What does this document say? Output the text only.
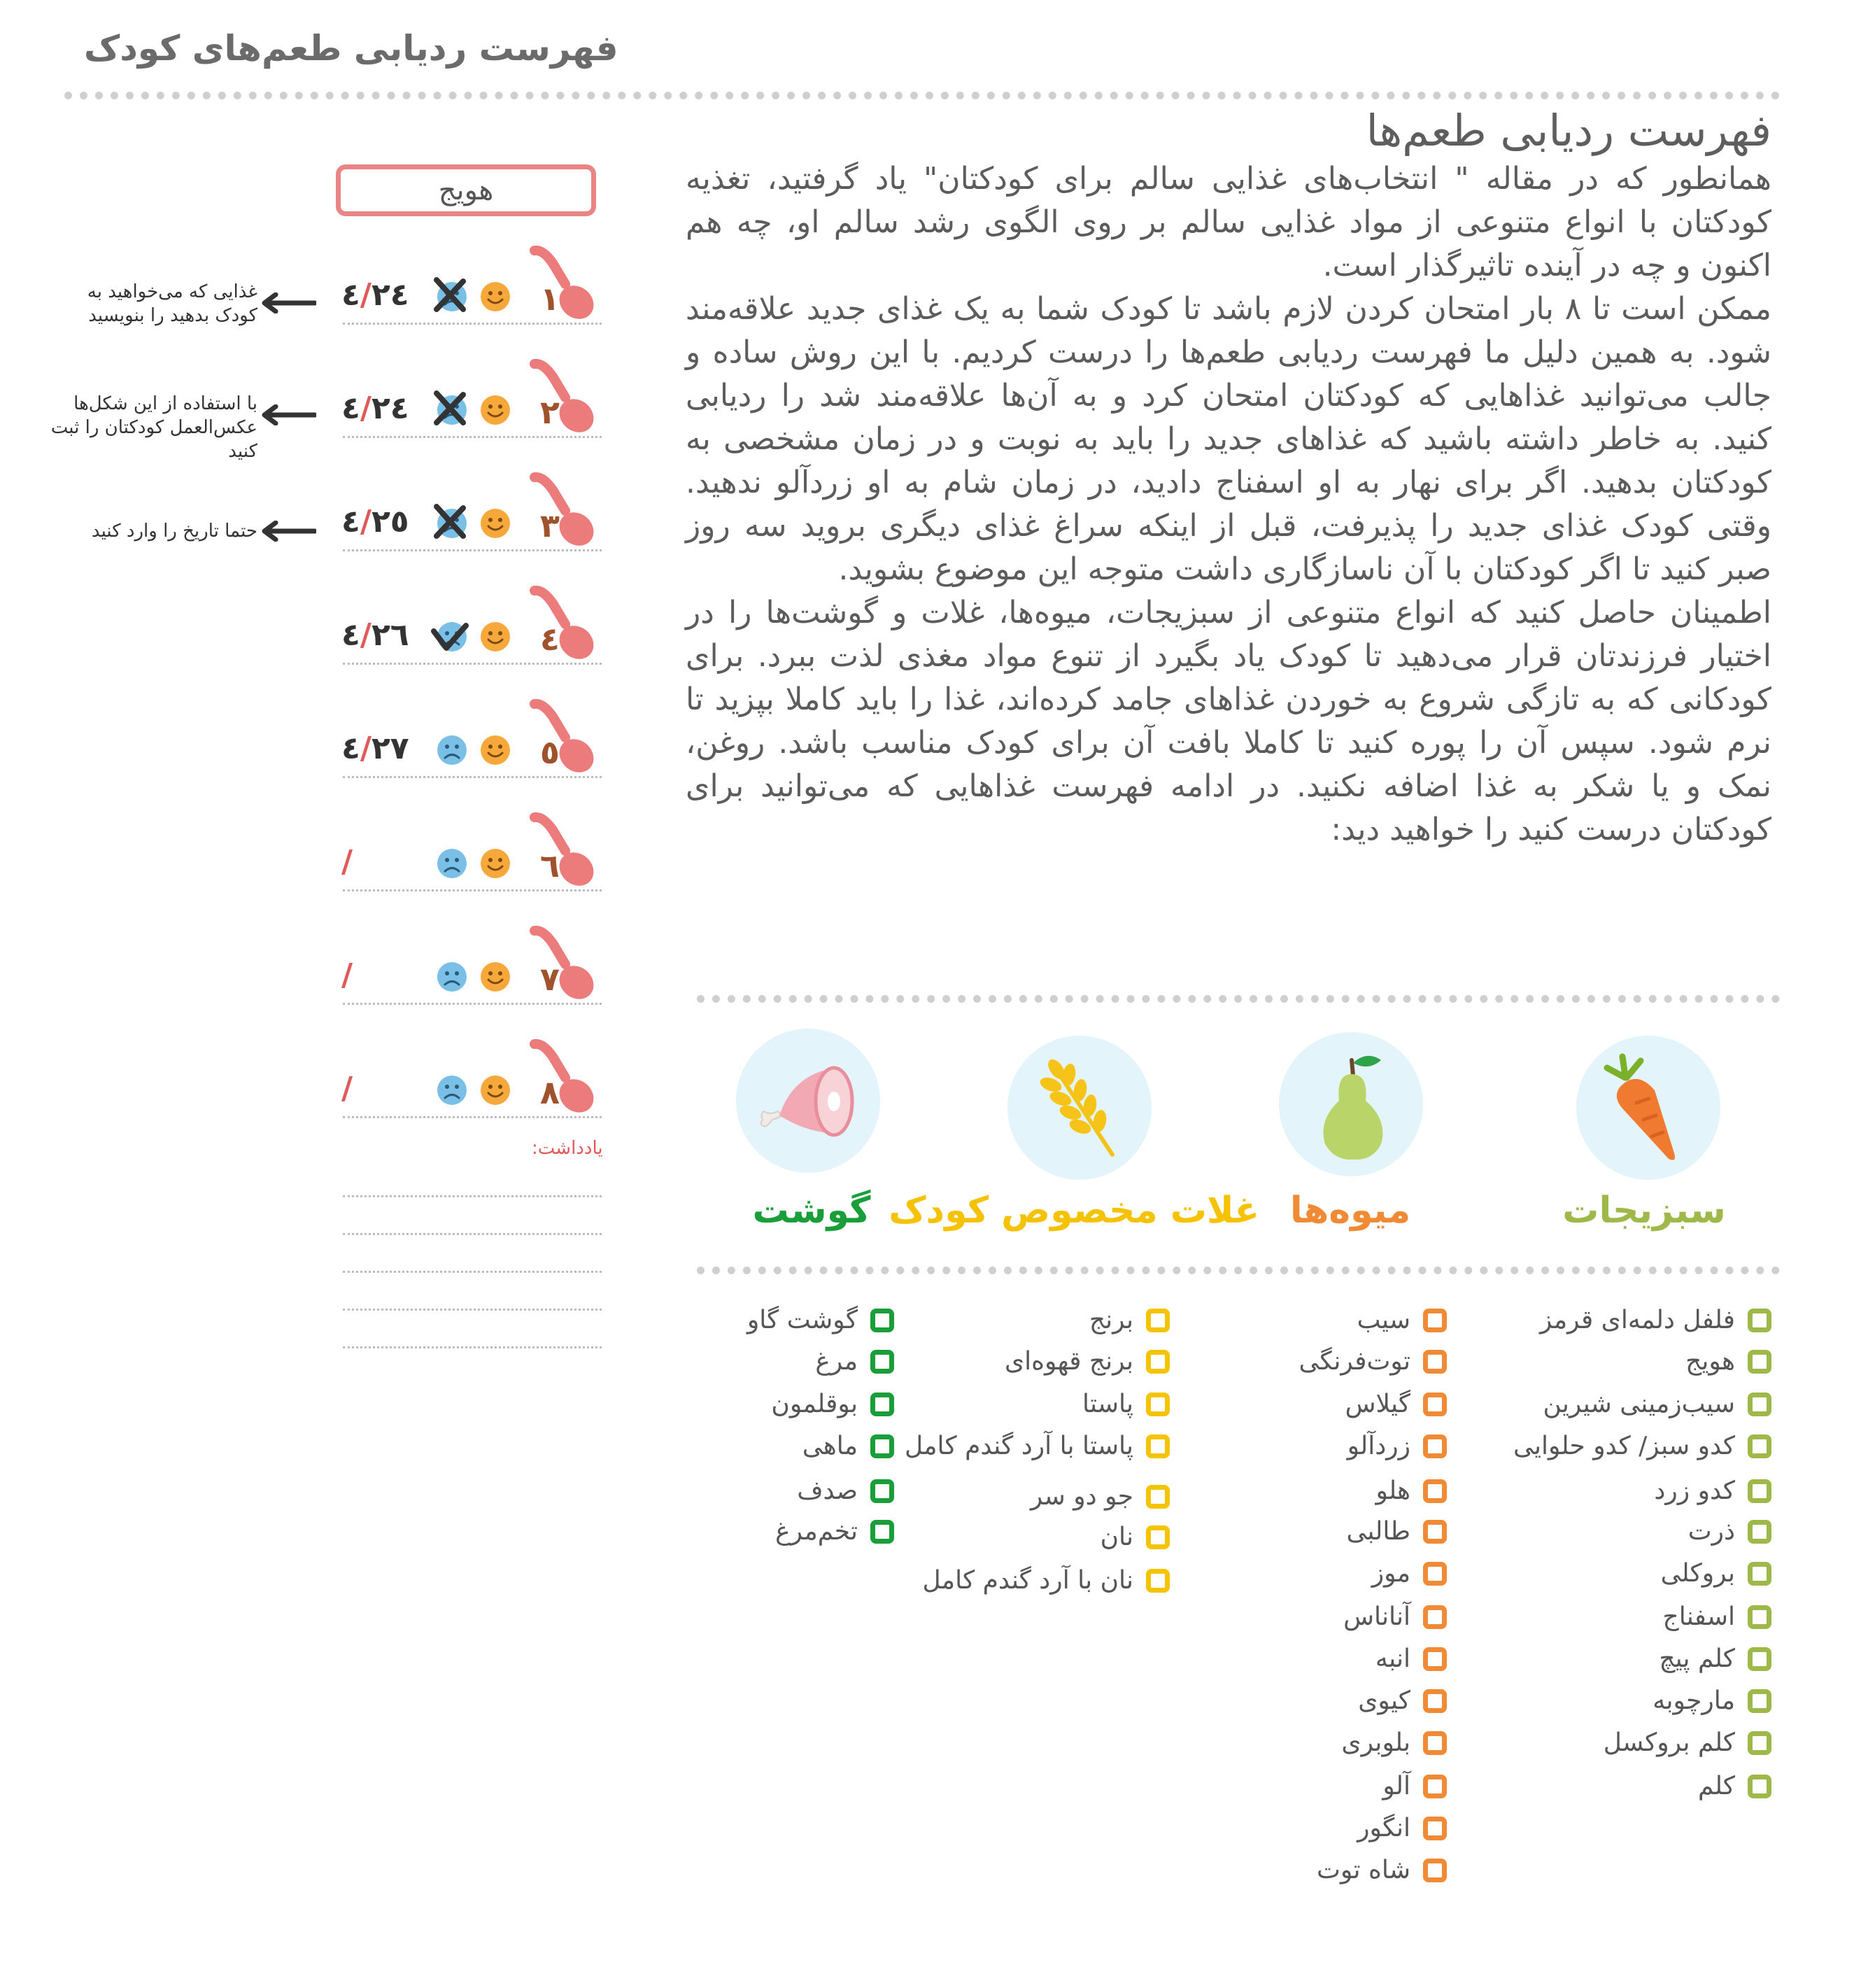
فهرست ردیابی طعم‌های کودک
فهرست ردیابی طعم‌ها

همانطور که در مقاله " انتخاب‌های غذایی سالم برای کودکتان" یاد گرفتید، تغذیه کودکتان با انواع متنوعی از مواد غذایی سالم بر روی الگوی رشد سالم او، چه هم اکنون و چه در آینده تاثیرگذار است.

ممکن است تا ۸ بار امتحان کردن لازم باشد تا کودک شما به یک غذای جدید علاقه‌مند شود. به همین دلیل ما فهرست ردیابی طعم‌ها را درست کردیم. با این روش ساده و جالب می‌توانید غذاهایی که کودکتان امتحان کرد و به آن‌ها علاقه‌مند شد را ردیابی کنید. به خاطر داشته باشید که غذاهای جدید را باید به نوبت و در زمان مشخصی به کودکتان بدهید. اگر برای نهار به او اسفناج دادید، در زمان شام به او زردآلو ندهید. وقتی کودک غذای جدید را پذیرفت، قبل از اینکه سراغ غذای دیگری بروید سه روز صبر کنید تا اگر کودکتان با آن ناسازگاری داشت متوجه این موضوع بشوید.

اطمینان حاصل کنید که انواع متنوعی از سبزیجات، میوه‌ها، غلات و گوشت‌ها را در اختیار فرزندتان قرار می‌دهید تا کودک یاد بگیرد از تنوع مواد مغذی لذت ببرد. برای کودکانی که به تازگی شروع به خوردن غذاهای جامد کرده‌اند، غذا را باید کاملا بپزید تا نرم شود. سپس آن را پوره کنید تا کاملا بافت آن برای کودک مناسب باشد. روغن، نمک و یا شکر به غذا اضافه نکنید. در ادامه فهرست غذاهایی که می‌توانید برای کودکتان درست کنید را خواهید دید:

هویج
۱
٤/٢٤
۲
٤/٢٤
۳
٤/٢٥
٤
٤/٢٦
٥
٤/٢٧
٦
/
۷
/
۸
/
یادداشت:
غذایی که می‌خواهید به کودک بدهید را بنویسید
با استفاده از این شکل‌ها عکس‌العمل کودکتان را ثبت کنید
حتما تاریخ را وارد کنید
سبزیجات
میوه‌ها
غلات مخصوص کودک
گوشت
فلفل دلمه‌ای قرمز
هویج
سیب‌زمینی شیرین
کدو سبز/ کدو حلوایی
کدو زرد
ذرت
بروکلی
اسفناج
کلم پیچ
مارچوبه
کلم بروکسل
کلم
سیب
توت‌فرنگی
گیلاس
زردآلو
هلو
طالبی
موز
آناناس
انبه
کیوی
بلوبری
آلو
انگور
شاه توت
برنج
برنج قهوه‌ای
پاستا
پاستا با آرد گندم کامل
جو دو سر
نان
نان با آرد گندم کامل
گوشت گاو
مرغ
بوقلمون
ماهی
صدف
تخم‌مرغ
